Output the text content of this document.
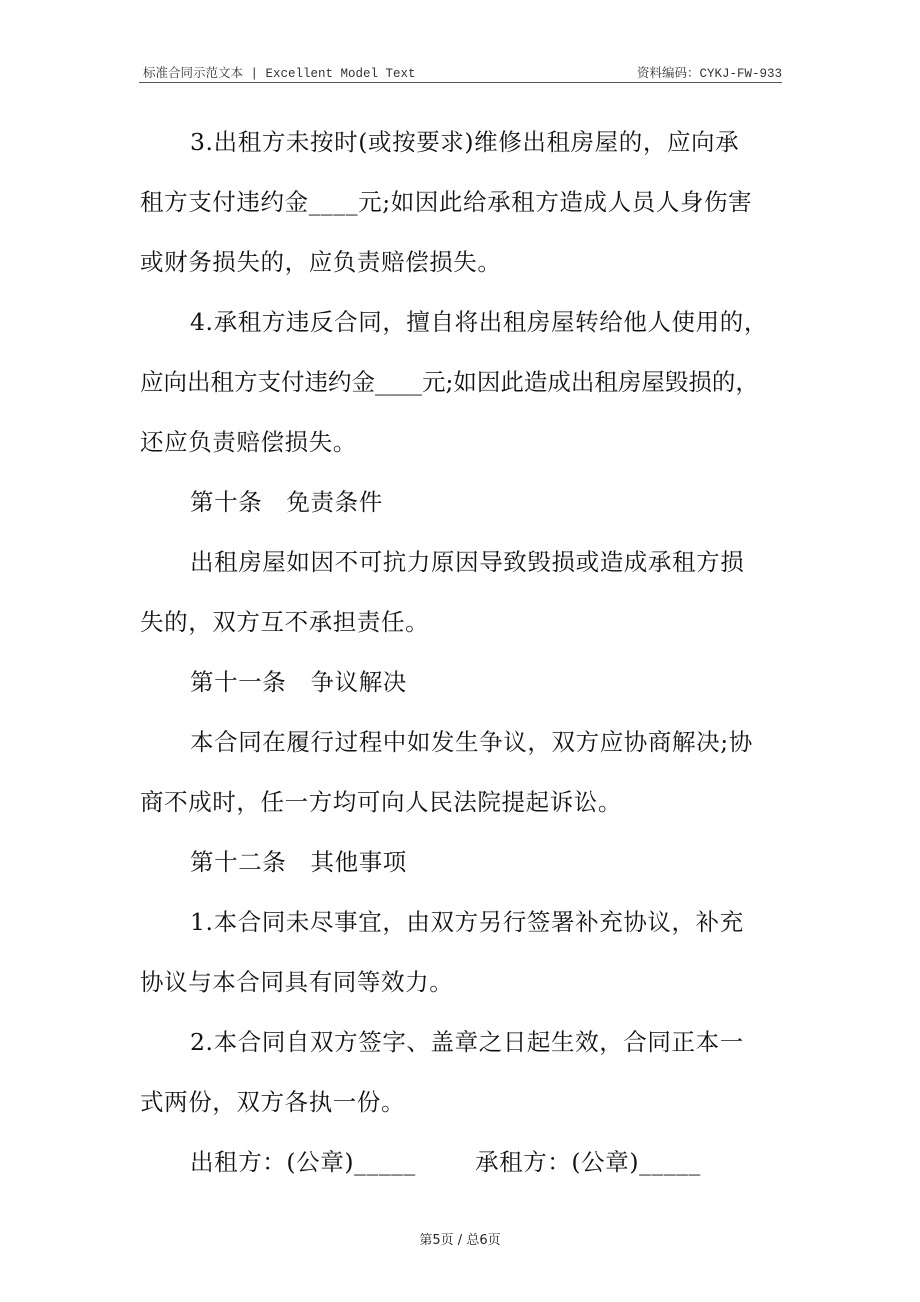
标准合同示范文本 | Excellent Model Text	资料编码：CYKJ-FW-933
3.出租方未按时(或按要求)维修出租房屋的，应向承
租方支付违约金____元;如因此给承租方造成人员人身伤害
或财务损失的，应负责赔偿损失。
4.承租方违反合同，擅自将出租房屋转给他人使用的，
应向出租方支付违约金____元;如因此造成出租房屋毁损的，
还应负责赔偿损失。
第十条　免责条件
出租房屋如因不可抗力原因导致毁损或造成承租方损
失的，双方互不承担责任。
第十一条　争议解决
本合同在履行过程中如发生争议，双方应协商解决;协
商不成时，任一方均可向人民法院提起诉讼。
第十二条　其他事项
1.本合同未尽事宜，由双方另行签署补充协议，补充
协议与本合同具有同等效力。
2.本合同自双方签字、盖章之日起生效，合同正本一
式两份，双方各执一份。
出租方：(公章)_____	承租方：(公章)_____
第5页 / 总6页
